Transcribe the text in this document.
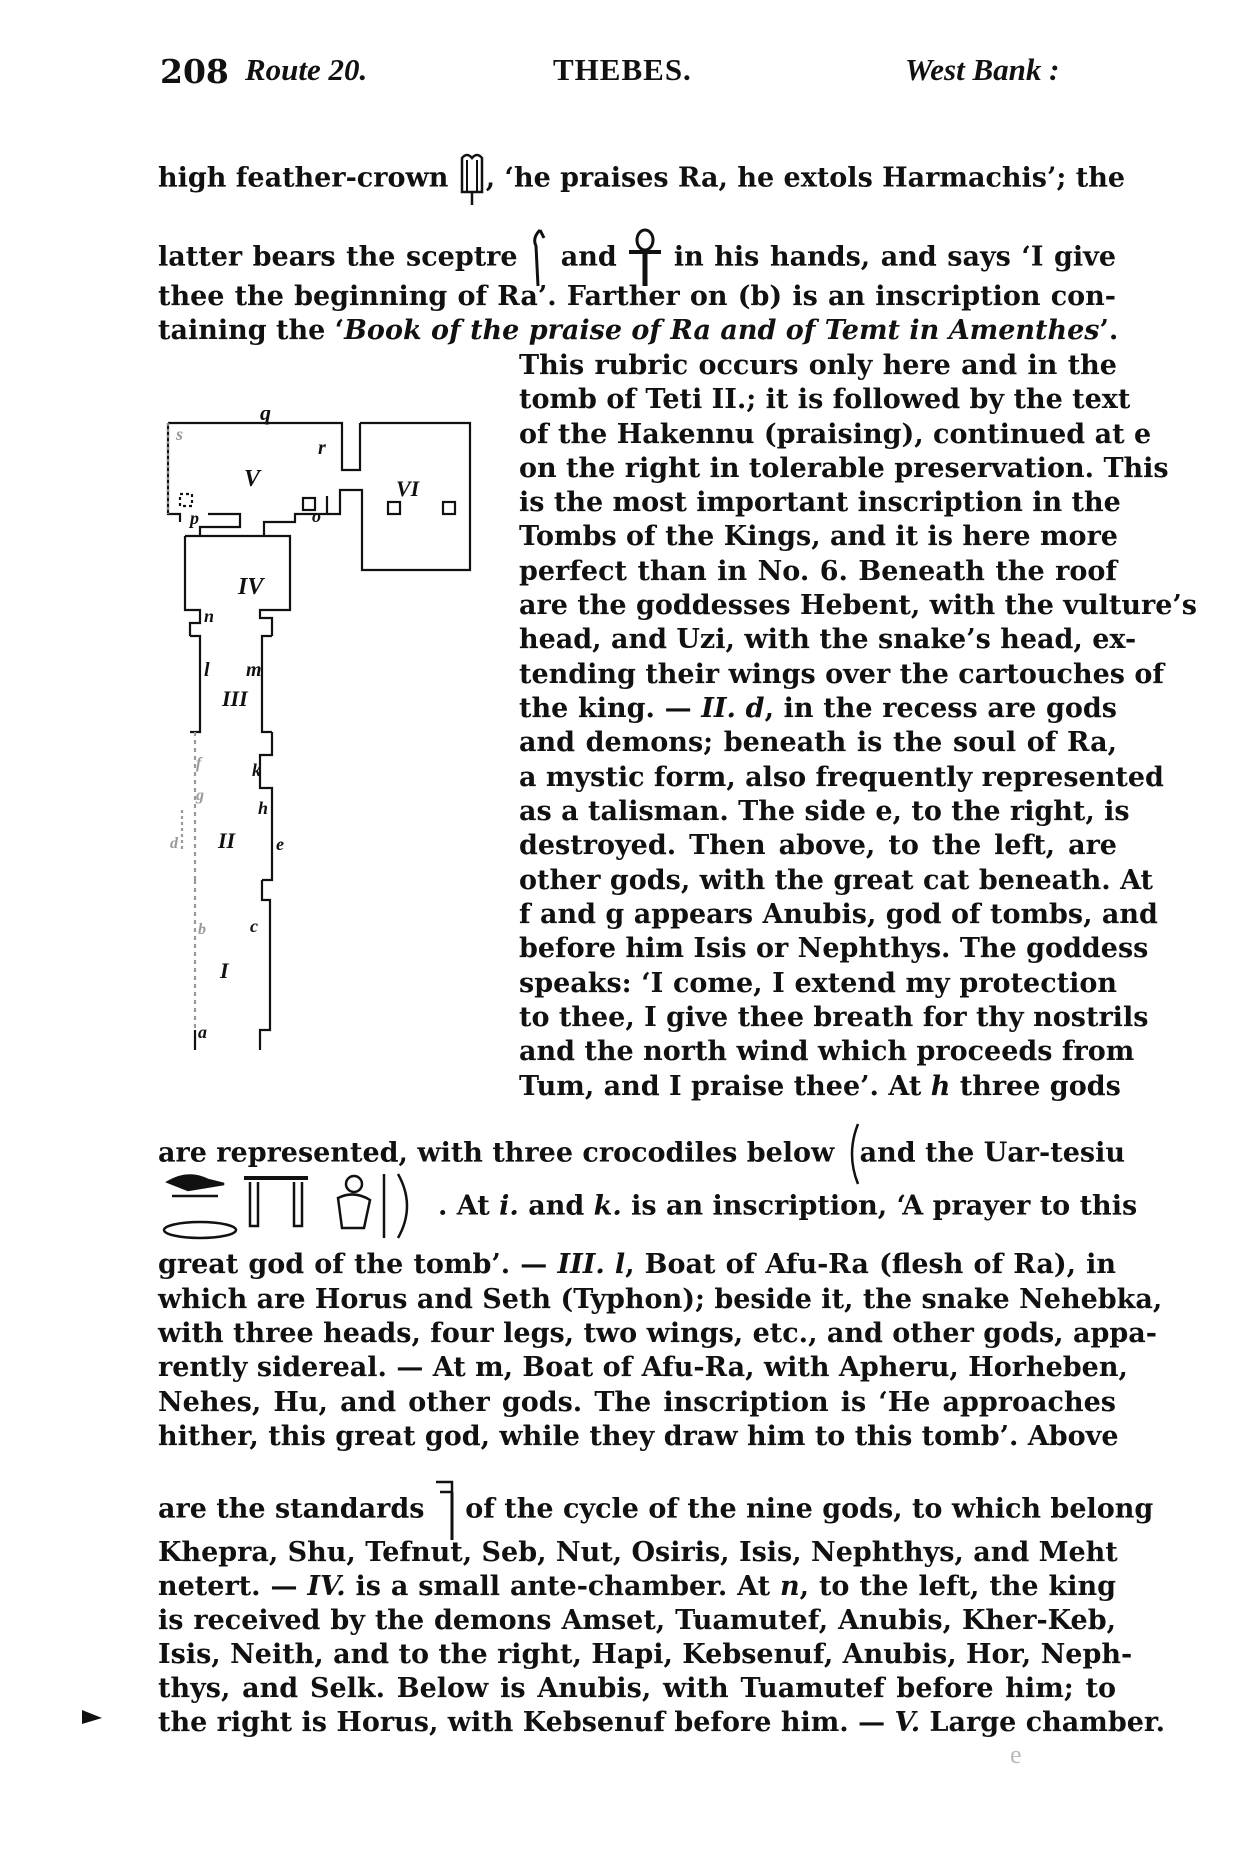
208 Route 20.	THEBES.	West Bank :
high feather-crown , ‘he praises Ra, he extols Harmachis’; the
latter bears the sceptre and in his hands, and says ‘I give
thee the beginning of Ra’. Farther on (b) is an inscription con-
taining the ‘Book of the praise of Ra and of Temt in Amenthes’.
q
s
r
V	VI
p	o
IV
n
l m
III
k
f
g
h
d II e
b c
I
a
This rubric occurs only here and in the
tomb of Teti II.; it is followed by the text
of the Hakennu (praising), continued at e
on the right in tolerable preservation. This
is the most important inscription in the
Tombs of the Kings, and it is here more
perfect than in No. 6. Beneath the roof
are the goddesses Hebent, with the vulture’s
head, and Uzi, with the snake’s head, ex-
tending their wings over the cartouches of
the king. — II. d, in the recess are gods
and demons; beneath is the soul of Ra,
a mystic form, also frequently represented
as a talisman. The side e, to the right, is
destroyed. Then above, to the left, are
other gods, with the great cat beneath. At
f and g appears Anubis, god of tombs, and
before him Isis or Nephthys. The goddess
speaks: ‘I come, I extend my protection
to thee, I give thee breath for thy nostrils
and the north wind which proceeds from
Tum, and I praise thee’. At h three gods
are represented, with three crocodiles below and the Uar-tesiu
. At i. and k. is an inscription, ‘A prayer to this
great god of the tomb’. — III. l, Boat of Afu-Ra (flesh of Ra), in
which are Horus and Seth (Typhon); beside it, the snake Nehebka,
with three heads, four legs, two wings, etc., and other gods, appa-
rently sidereal. — At m, Boat of Afu-Ra, with Apheru, Horheben,
Nehes, Hu, and other gods. The inscription is ‘He approaches
hither, this great god, while they draw him to this tomb’. Above
are the standards of the cycle of the nine gods, to which belong
Khepra, Shu, Tefnut, Seb, Nut, Osiris, Isis, Nephthys, and Meht
netert. — IV. is a small ante-chamber. At n, to the left, the king
is received by the demons Amset, Tuamutef, Anubis, Kher-Keb,
Isis, Neith, and to the right, Hapi, Kebsenuf, Anubis, Hor, Neph-
thys, and Selk. Below is Anubis, with Tuamutef before him; to
the right is Horus, with Kebsenuf before him. — V. Large chamber.
e
